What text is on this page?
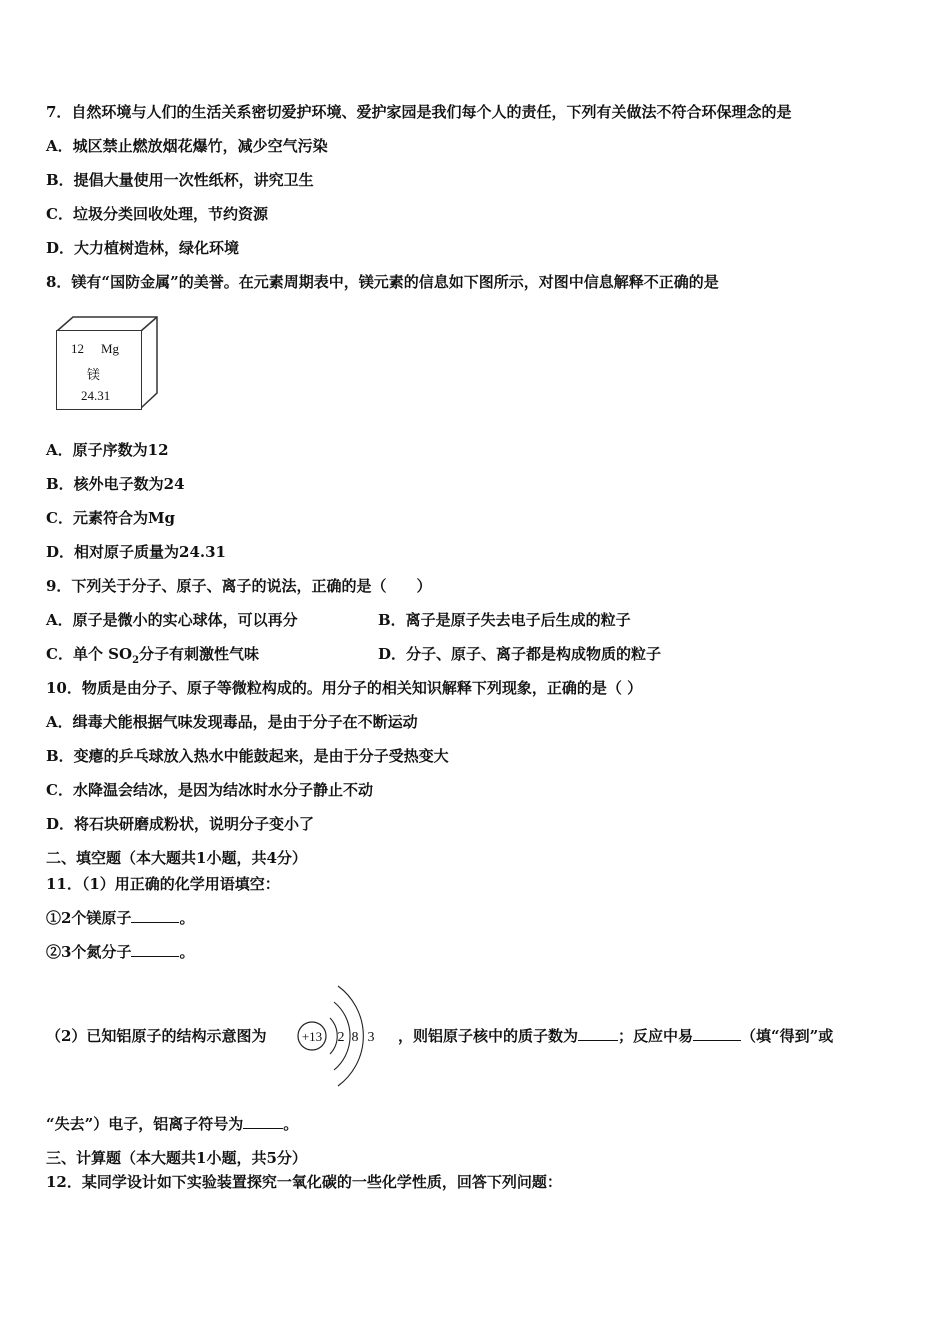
7．自然环境与人们的生活关系密切爱护环境、爱护家园是我们每个人的责任，下列有关做法不符合环保理念的是
A．城区禁止燃放烟花爆竹，减少空气污染
B．提倡大量使用一次性纸杯，讲究卫生
C．垃圾分类回收处理，节约资源
D．大力植树造林，绿化环境
8．镁有“国防金属”的美誉。在元素周期表中，镁元素的信息如下图所示，对图中信息解释不正确的是
12 Mg
镁
24.31
A．原子序数为12
B．核外电子数为24
C．元素符合为Mg
D．相对原子质量为24.31
9．下列关于分子、原子、离子的说法，正确的是（　　）
A．原子是微小的实心球体，可以再分	B．离子是原子失去电子后生成的粒子
C．单个 $SO_2$分子有刺激性气味	D．分子、原子、离子都是构成物质的粒子
10．物质是由分子、原子等微粒构成的。用分子的相关知识解释下列现象，正确的是（ ）
A．缉毒犬能根据气味发现毒品，是由于分子在不断运动
B．变瘪的乒乓球放入热水中能鼓起来，是由于分子受热变大
C．水降温会结冰，是因为结冰时水分子静止不动
D．将石块研磨成粉状，说明分子变小了
二、填空题（本大题共1小题，共4分）
11．（1）用正确的化学用语填空：
①2个镁原子	。
②3个氮分子	。
（2）已知铝原子的结构示意图为	+13 2 8 3 ，则铝原子核中的质子数为	；反应中易	（填“得到”或
“失去”）电子，铝离子符号为	。
三、计算题（本大题共1小题，共5分）
12．某同学设计如下实验装置探究一氧化碳的一些化学性质，回答下列问题：
